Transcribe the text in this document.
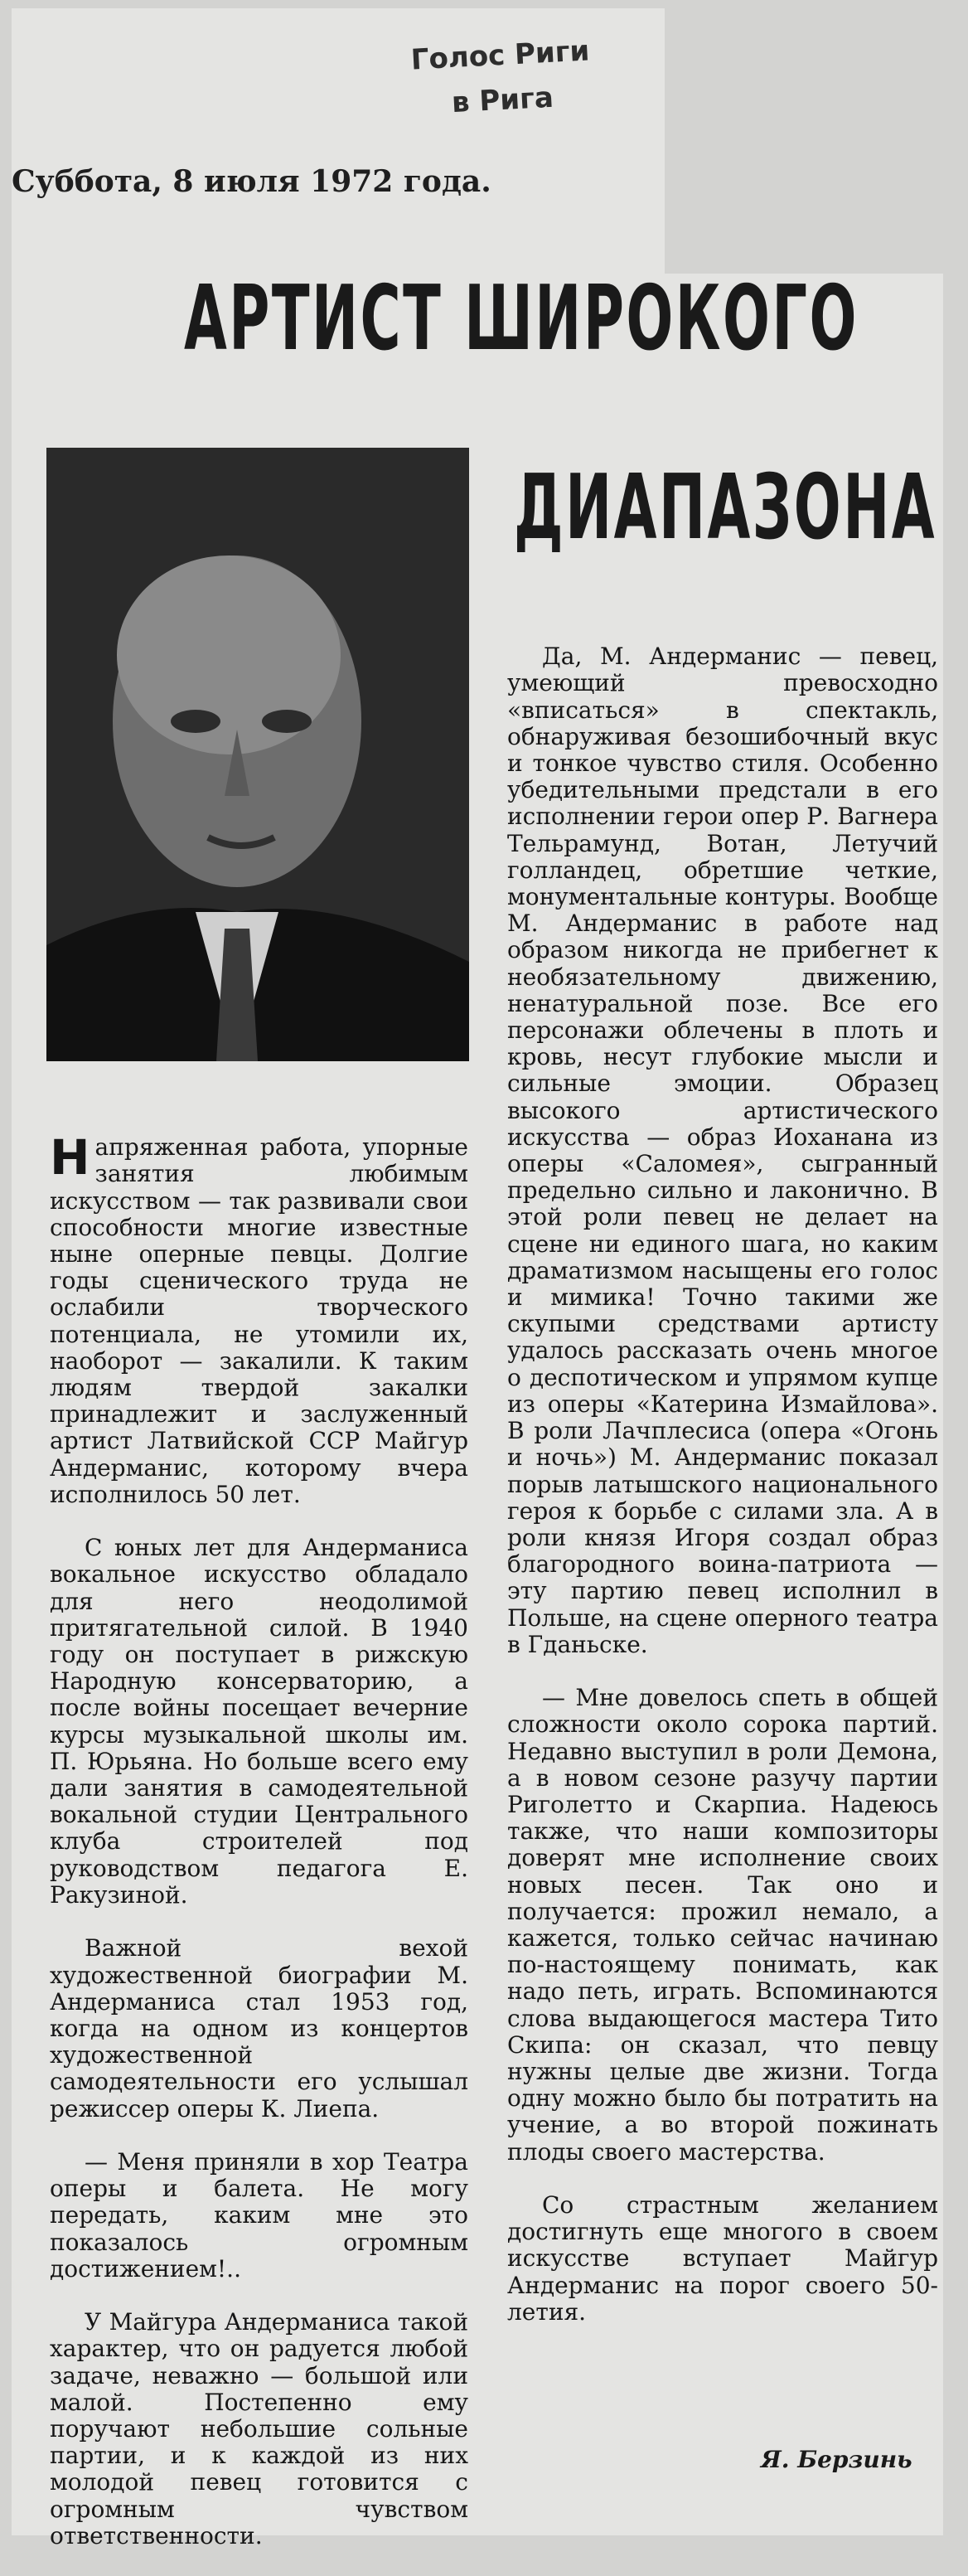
Голос Риги
в Рига
Суббота, 8 июля 1972 года.
АРТИСТ ШИРОКОГО
ДИАПАЗОНА

Напряженная работа, упорные занятия любимым искусством — так развивали свои способности многие известные ныне оперные певцы. Долгие годы сценического труда не ослабили творческого потенциала, не утомили их, наоборот — закалили. К таким людям твердой закалки принадлежит и заслуженный артист Латвийской ССР Майгур Андерманис, которому вчера исполнилось 50 лет.

С юных лет для Андерманиса вокальное искусство обладало для него неодолимой притягательной силой. В 1940 году он поступает в рижскую Народную консерваторию, а после войны посещает вечерние курсы музыкальной школы им. П. Юрьяна. Но больше всего ему дали занятия в самодеятельной вокальной студии Центрального клуба строителей под руководством педагога Е. Ракузиной.

Важной вехой художественной биографии М. Андерманиса стал 1953 год, когда на одном из концертов художественной самодеятельности его услышал режиссер оперы К. Лиепа.

— Меня приняли в хор Театра оперы и балета. Не могу передать, каким мне это показалось огромным достижением!..

У Майгура Андерманиса такой характер, что он радуется любой задаче, неважно — большой или малой. Постепенно ему поручают небольшие сольные партии, и к каждой из них молодой певец готовится с огромным чувством ответственности.

Да, М. Андерманис — певец, умеющий превосходно «вписаться» в спектакль, обнаруживая безошибочный вкус и тонкое чувство стиля. Особенно убедительными предстали в его исполнении герои опер Р. Вагнера Тельрамунд, Вотан, Летучий голландец, обретшие четкие, монументальные контуры. Вообще М. Андерманис в работе над образом никогда не прибегнет к необязательному движению, ненатуральной позе. Все его персонажи облечены в плоть и кровь, несут глубокие мысли и сильные эмоции. Образец высокого артистического искусства — образ Иоханана из оперы «Саломея», сыгранный предельно сильно и лаконично. В этой роли певец не делает на сцене ни единого шага, но каким драматизмом насыщены его голос и мимика! Точно такими же скупыми средствами артисту удалось рассказать очень многое о деспотическом и упрямом купце из оперы «Катерина Измайлова». В роли Лачплесиса (опера «Огонь и ночь») М. Андерманис показал порыв латышского национального героя к борьбе с силами зла. А в роли князя Игоря создал образ благородного воина-патриота — эту партию певец исполнил в Польше, на сцене оперного театра в Гданьске.

— Мне довелось спеть в общей сложности около сорока партий. Недавно выступил в роли Демона, а в новом сезоне разучу партии Риголетто и Скарпиа. Надеюсь также, что наши композиторы доверят мне исполнение своих новых песен. Так оно и получается: прожил немало, а кажется, только сейчас начинаю по-настоящему понимать, как надо петь, играть. Вспоминаются слова выдающегося мастера Тито Скипа: он сказал, что певцу нужны целые две жизни. Тогда одну можно было бы потратить на учение, а во второй пожинать плоды своего мастерства.

Со страстным желанием достигнуть еще многого в своем искусстве вступает Майгур Андерманис на порог своего 50-летия.

Я. Берзинь
